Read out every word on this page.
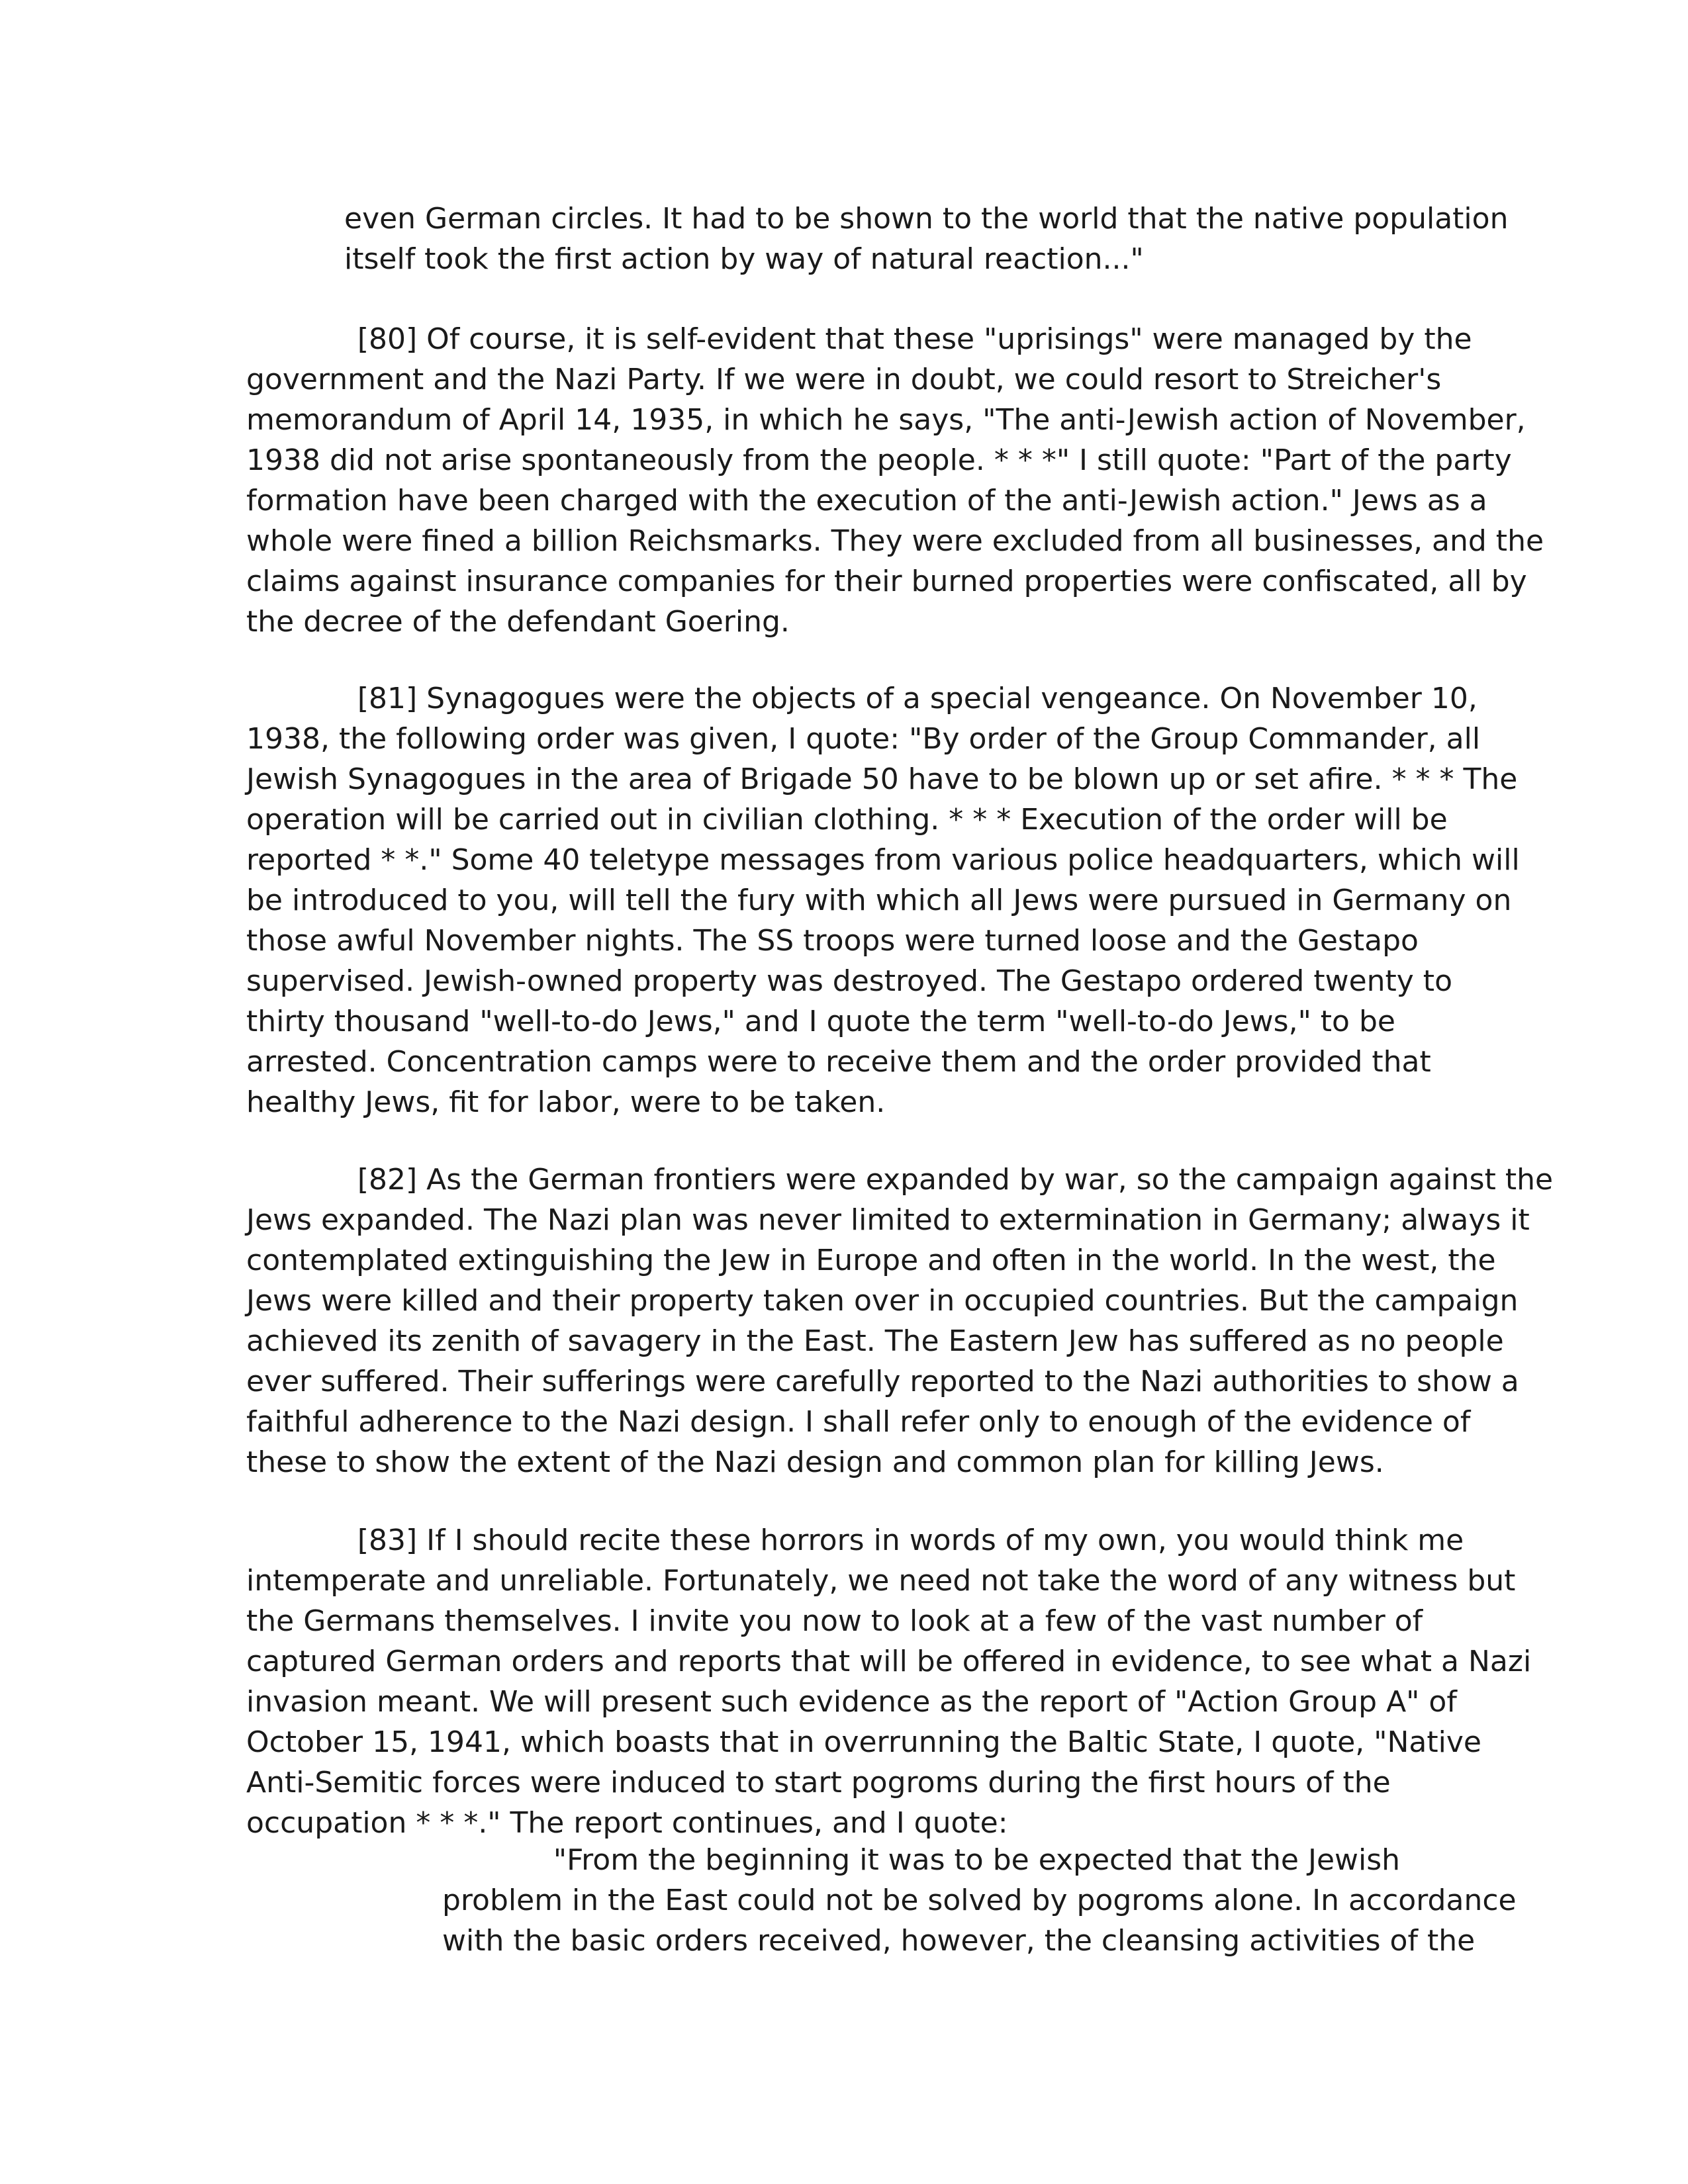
even German circles. It had to be shown to the world that the native population
itself took the first action by way of natural reaction..."

[80] Of course, it is self-evident that these "uprisings" were managed by the
government and the Nazi Party. If we were in doubt, we could resort to Streicher's
memorandum of April 14, 1935, in which he says, "The anti-Jewish action of November,
1938 did not arise spontaneously from the people. * * *" I still quote: "Part of the party
formation have been charged with the execution of the anti-Jewish action." Jews as a
whole were fined a billion Reichsmarks. They were excluded from all businesses, and the
claims against insurance companies for their burned properties were confiscated, all by
the decree of the defendant Goering.

[81] Synagogues were the objects of a special vengeance. On November 10,
1938, the following order was given, I quote: "By order of the Group Commander, all
Jewish Synagogues in the area of Brigade 50 have to be blown up or set afire. * * * The
operation will be carried out in civilian clothing. * * * Execution of the order will be
reported * *." Some 40 teletype messages from various police headquarters, which will
be introduced to you, will tell the fury with which all Jews were pursued in Germany on
those awful November nights. The SS troops were turned loose and the Gestapo
supervised. Jewish-owned property was destroyed. The Gestapo ordered twenty to
thirty thousand "well-to-do Jews," and I quote the term "well-to-do Jews," to be
arrested. Concentration camps were to receive them and the order provided that
healthy Jews, fit for labor, were to be taken.

[82] As the German frontiers were expanded by war, so the campaign against the
Jews expanded. The Nazi plan was never limited to extermination in Germany; always it
contemplated extinguishing the Jew in Europe and often in the world. In the west, the
Jews were killed and their property taken over in occupied countries. But the campaign
achieved its zenith of savagery in the East. The Eastern Jew has suffered as no people
ever suffered. Their sufferings were carefully reported to the Nazi authorities to show a
faithful adherence to the Nazi design. I shall refer only to enough of the evidence of
these to show the extent of the Nazi design and common plan for killing Jews.

[83] If I should recite these horrors in words of my own, you would think me
intemperate and unreliable. Fortunately, we need not take the word of any witness but
the Germans themselves. I invite you now to look at a few of the vast number of
captured German orders and reports that will be offered in evidence, to see what a Nazi
invasion meant. We will present such evidence as the report of "Action Group A" of
October 15, 1941, which boasts that in overrunning the Baltic State, I quote, "Native
Anti-Semitic forces were induced to start pogroms during the first hours of the
occupation * * *." The report continues, and I quote:

"From the beginning it was to be expected that the Jewish
problem in the East could not be solved by pogroms alone. In accordance
with the basic orders received, however, the cleansing activities of the
